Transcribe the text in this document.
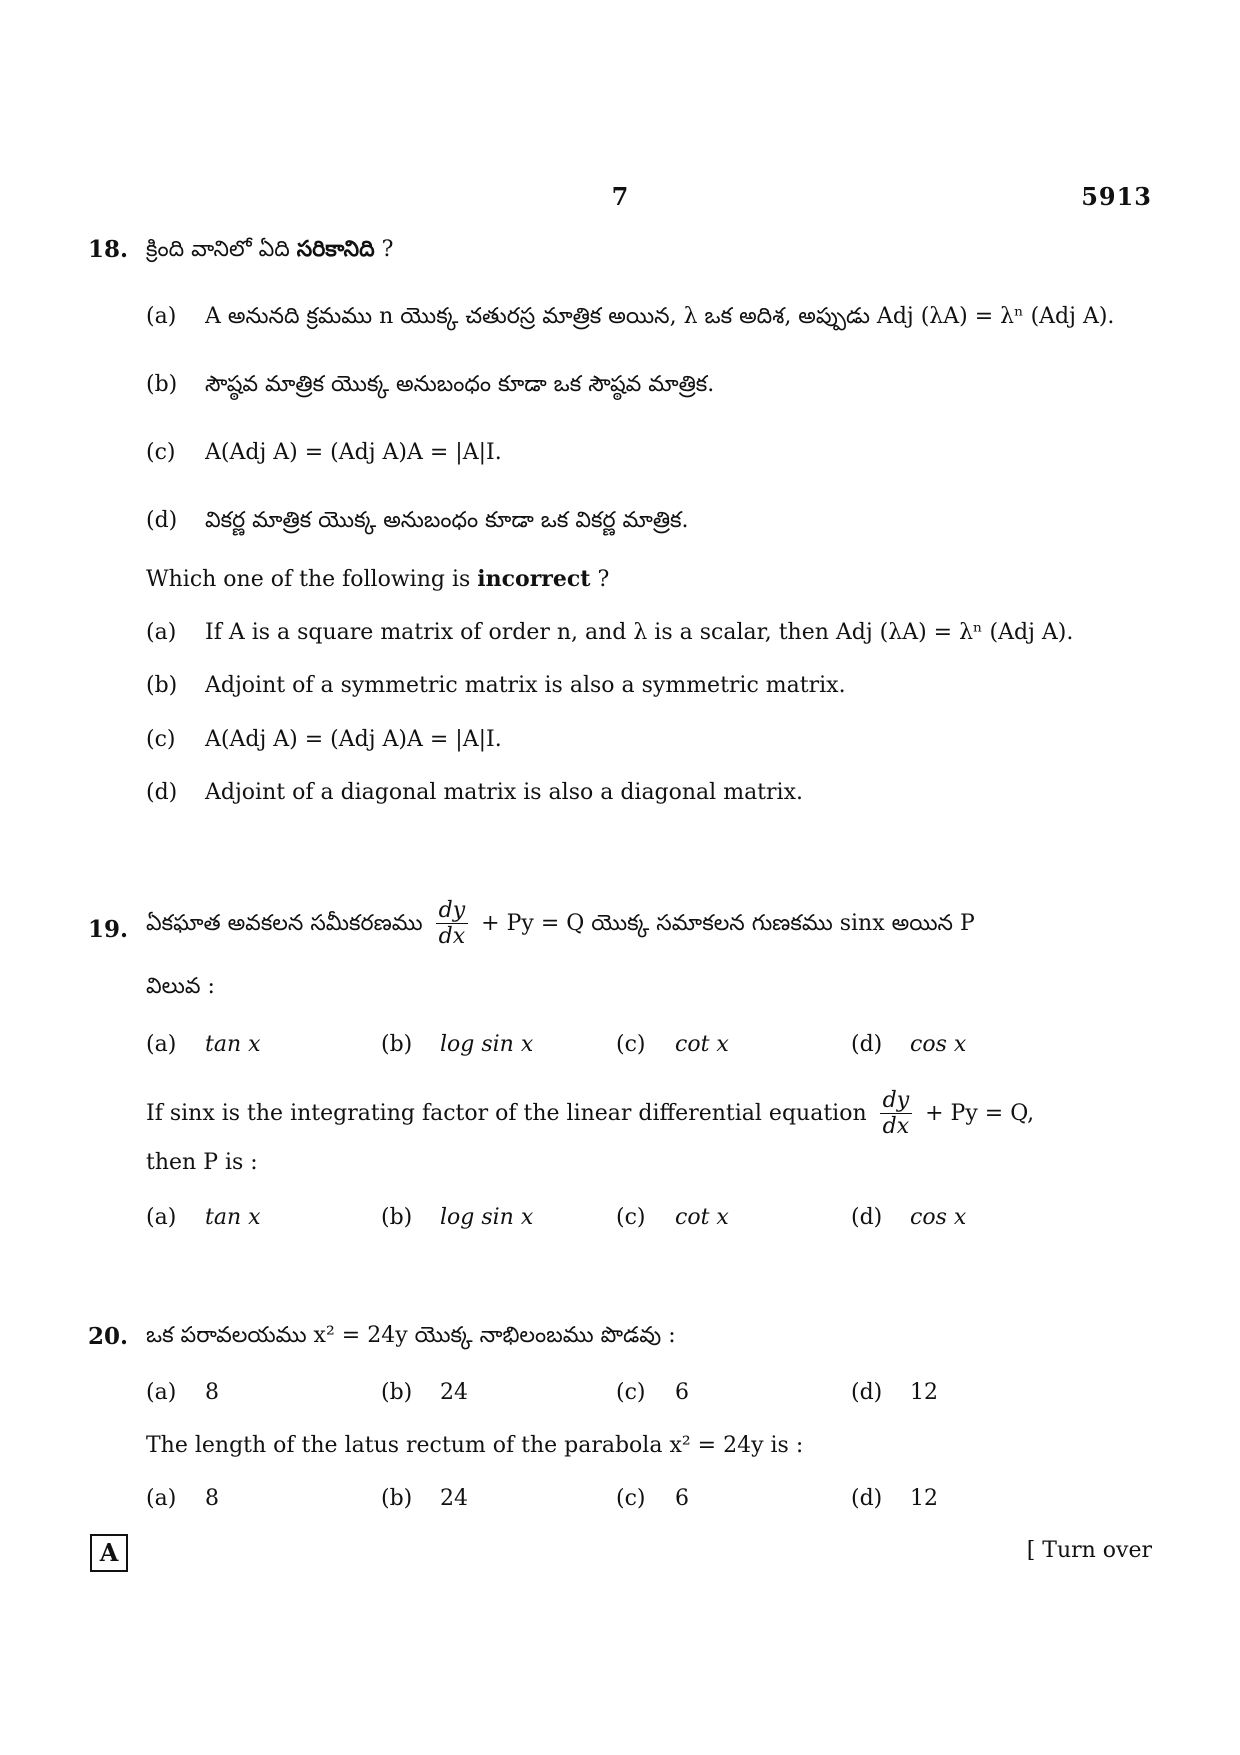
7	5913
18. క్రింది వానిలో ఏది సరికానిది ?
(a) A అనునది క్రమము n యొక్క చతురస్ర మాత్రిక అయిన, λ ఒక అదిశ, అప్పుడు Adj (λA) = λⁿ (Adj A).
(b) సౌష్ఠవ మాత్రిక యొక్క అనుబంధం కూడా ఒక సౌష్ఠవ మాత్రిక.
(c) A(Adj A) = (Adj A)A = |A|I.
(d) వికర్ణ మాత్రిక యొక్క అనుబంధం కూడా ఒక వికర్ణ మాత్రిక.
Which one of the following is incorrect ?
(a) If A is a square matrix of order n, and λ is a scalar, then Adj (λA) = λⁿ (Adj A).
(b) Adjoint of a symmetric matrix is also a symmetric matrix.
(c) A(Adj A) = (Adj A)A = |A|I.
(d) Adjoint of a diagonal matrix is also a diagonal matrix.
19. ఏకఘాత అవకలన సమీకరణము $\frac{dy}{dx} + Py = Q$ యొక్క సమాకలన గుణకము sinx అయిన P
విలువ :
(a) tan x	(b) log sin x	(c) cot x	(d) cos x
If sinx is the integrating factor of the linear differential equation $\frac{dy}{dx} + Py = Q$,
then P is :
(a) tan x	(b) log sin x	(c) cot x	(d) cos x
20. ఒక పరావలయము x² = 24y యొక్క నాభిలంబము పొడవు :
(a) 8	(b) 24	(c) 6	(d) 12
The length of the latus rectum of the parabola x² = 24y is :
(a) 8	(b) 24	(c) 6	(d) 12
A	[ Turn over
